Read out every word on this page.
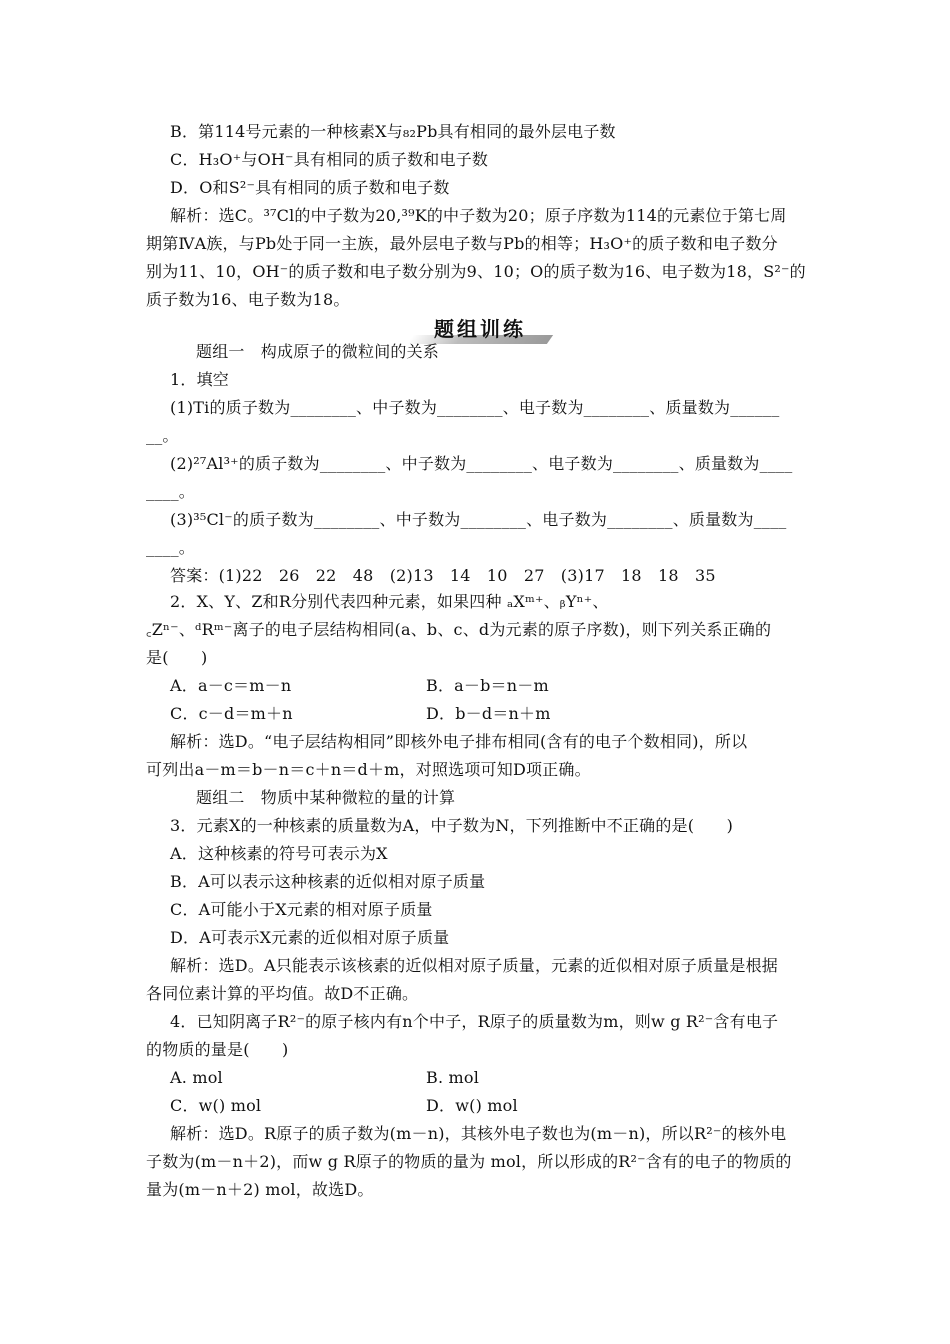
B．第114号元素的一种核素X与₈₂Pb具有相同的最外层电子数
C．H₃O⁺与OH⁻具有相同的质子数和电子数
D．O和S²⁻具有相同的质子数和电子数
解析：选C。³⁷Cl的中子数为20,³⁹K的中子数为20；原子序数为114的元素位于第七周
期第ⅣA族，与Pb处于同一主族，最外层电子数与Pb的相等；H₃O⁺的质子数和电子数分
别为11、10，OH⁻的质子数和电子数分别为9、10；O的质子数为16、电子数为18，S²⁻的
质子数为16、电子数为18。
题组训练
题组一　构成原子的微粒间的关系
1．填空
(1)Ti的质子数为________、中子数为________、电子数为________、质量数为______
__。
(2)²⁷Al³⁺的质子数为________、中子数为________、电子数为________、质量数为____
____。
(3)³⁵Cl⁻的质子数为________、中子数为________、电子数为________、质量数为____
____。
答案：(1)22　26　22　48　(2)13　14　10　27　(3)17　18　18　35
2．X、Y、Z和R分别代表四种元素，如果四种 ₐXᵐ⁺、ᵦYⁿ⁺、
꜀Zⁿ⁻、ᵈRᵐ⁻离子的电子层结构相同(a、b、c、d为元素的原子序数)，则下列关系正确的
是(　　)
A．a－c＝m－n	B．a－b＝n－m
C．c－d＝m＋n	D．b－d＝n＋m
解析：选D。“电子层结构相同”即核外电子排布相同(含有的电子个数相同)，所以
可列出a－m＝b－n＝c＋n＝d＋m，对照选项可知D项正确。
题组二　物质中某种微粒的量的计算
3．元素X的一种核素的质量数为A，中子数为N，下列推断中不正确的是(　　)
A．这种核素的符号可表示为X
B．A可以表示这种核素的近似相对原子质量
C．A可能小于X元素的相对原子质量
D．A可表示X元素的近似相对原子质量
解析：选D。A只能表示该核素的近似相对原子质量，元素的近似相对原子质量是根据
各同位素计算的平均值。故D不正确。
4．已知阴离子R²⁻的原子核内有n个中子，R原子的质量数为m，则w g R²⁻含有电子
的物质的量是(　　)
A. mol	B. mol
C．w() mol	D．w() mol
解析：选D。R原子的质子数为(m－n)，其核外电子数也为(m－n)，所以R²⁻的核外电
子数为(m－n＋2)，而w g R原子的物质的量为 mol，所以形成的R²⁻含有的电子的物质的
量为(m－n＋2) mol，故选D。
